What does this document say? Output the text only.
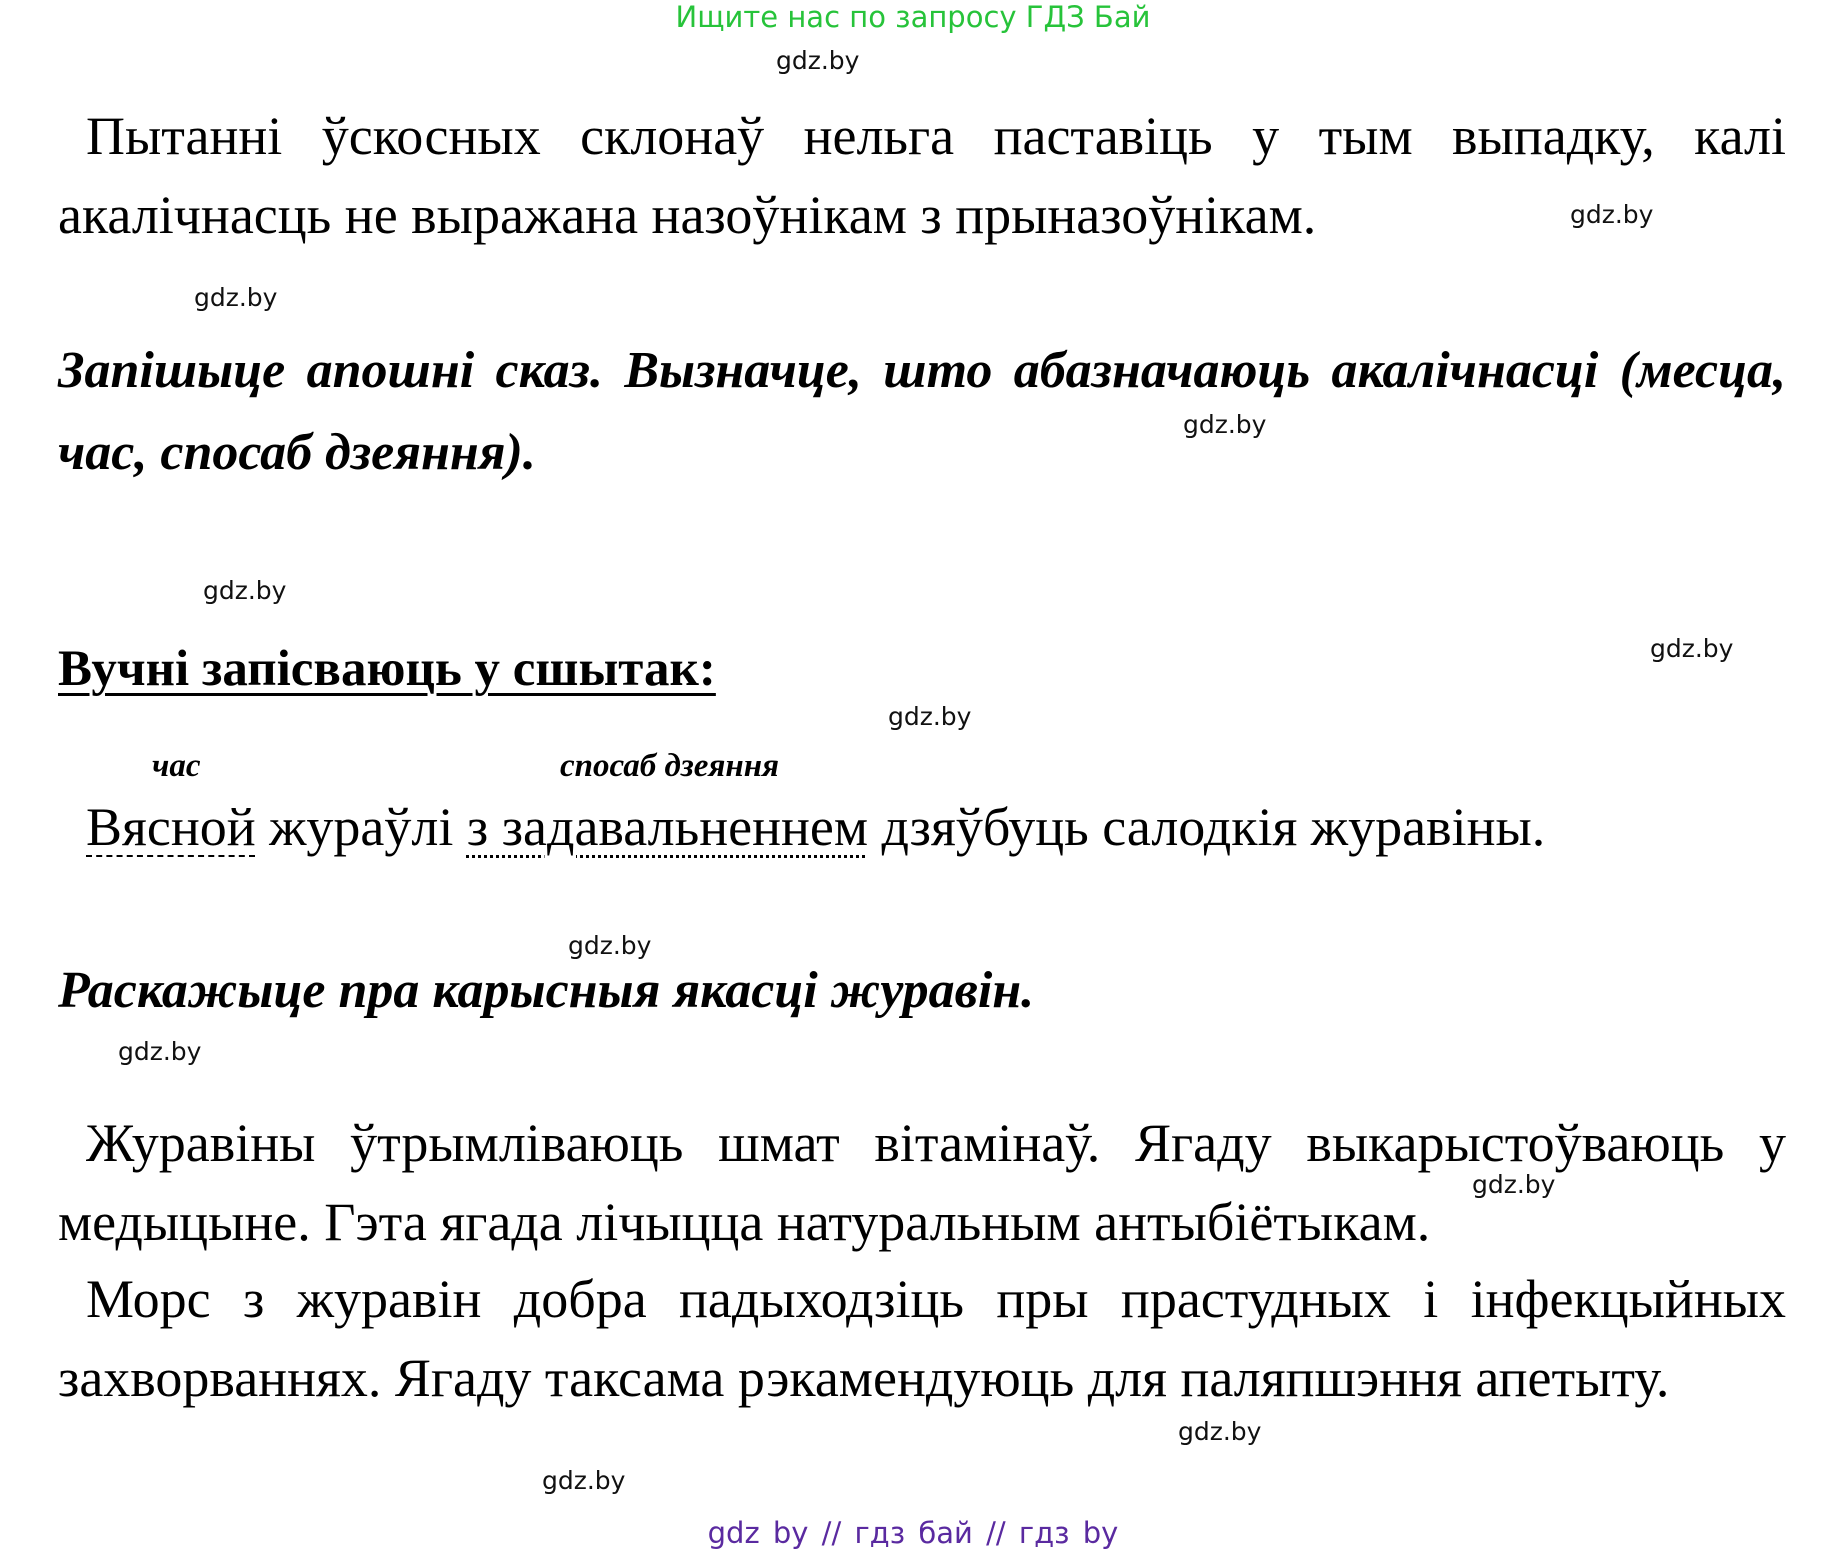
Ищите нас по запросу ГДЗ Бай
gdz.by
Пытанні ўскосных склонаў нельга паставіць у тым выпадку, калі акалічнасць не выражана назоўнікам з прыназоўнікам.	gdz.by
gdz.by
Запішыце апошні сказ. Вызначце, што абазначаюць акалічнасці (месца, час, спосаб дзеяння).	gdz.by
gdz.by
gdz.by
Вучні запісваюць у сшытак:
gdz.by
час	спосаб дзеяння
Вясной жураўлі з задавальненнем дзяўбуць салодкія журавіны.
gdz.by
Раскажыце пра карысныя якасці журавін.
gdz.by
Журавіны ўтрымліваюць шмат вітамінаў. Ягаду выкарыстоўваюць у медыцыне. Гэта ягада лічыцца натуральным антыбіётыкам.
gdz.by
Морс з журавін добра падыходзіць пры прастудных і інфекцыйных захворваннях. Ягаду таксама рэкамендуюць для паляпшэння апетыту.
gdz.by
gdz.by
gdz by // гдз бай // гдз by
